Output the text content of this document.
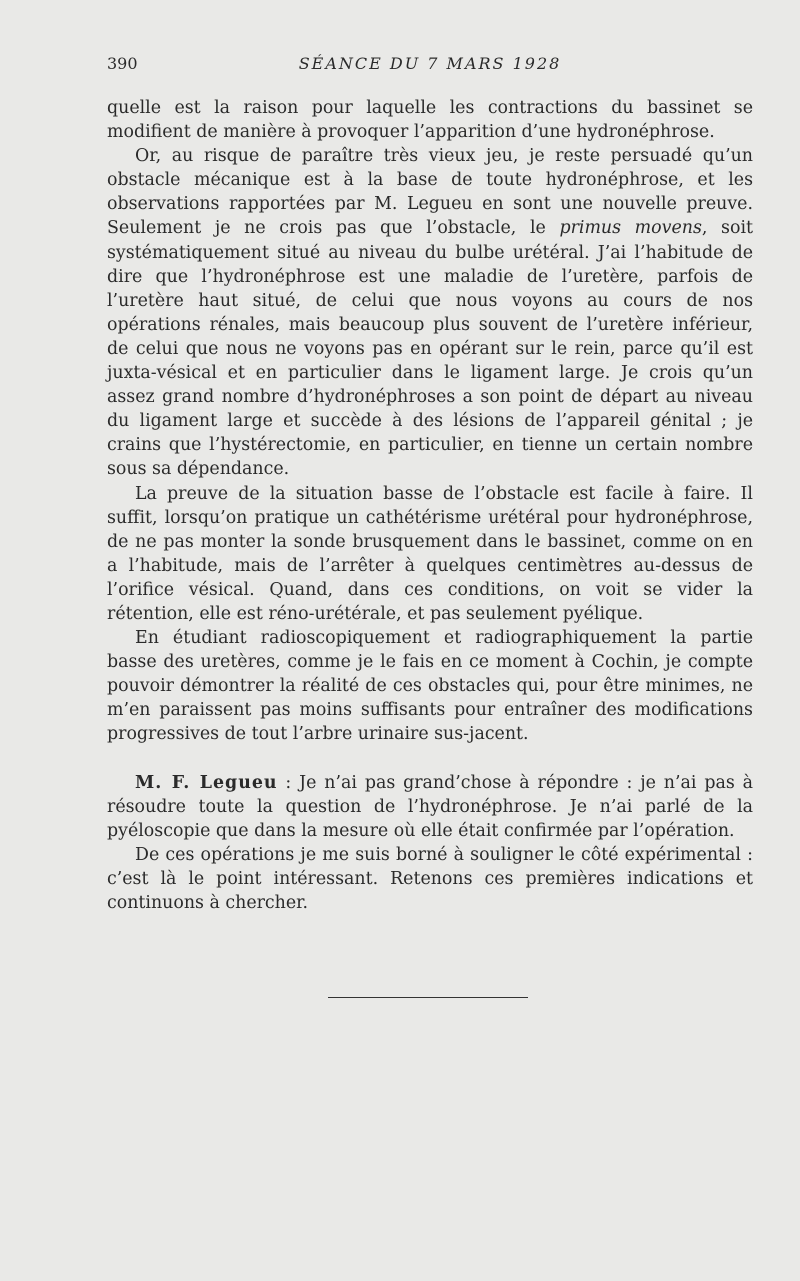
390	SÉANCE DU 7 MARS 1928

quelle est la raison pour laquelle les contractions du bassinet se modifient de manière à provoquer l’apparition d’une hydronéphrose.

Or, au risque de paraître très vieux jeu, je reste persuadé qu’un obstacle mécanique est à la base de toute hydronéphrose, et les observations rapportées par M. Legueu en sont une nouvelle preuve. Seulement je ne crois pas que l’obstacle, le primus movens, soit systématiquement situé au niveau du bulbe urétéral. J’ai l’habitude de dire que l’hydronéphrose est une maladie de l’uretère, parfois de l’uretère haut situé, de celui que nous voyons au cours de nos opérations rénales, mais beaucoup plus souvent de l’uretère inférieur, de celui que nous ne voyons pas en opérant sur le rein, parce qu’il est juxta-vésical et en particulier dans le ligament large. Je crois qu’un assez grand nombre d’hydronéphroses a son point de départ au niveau du ligament large et succède à des lésions de l’appareil génital ; je crains que l’hystérectomie, en particulier, en tienne un certain nombre sous sa dépendance.

La preuve de la situation basse de l’obstacle est facile à faire. Il suffit, lorsqu’on pratique un cathétérisme urétéral pour hydronéphrose, de ne pas monter la sonde brusquement dans le bassinet, comme on en a l’habitude, mais de l’arrêter à quelques centimètres au-dessus de l’orifice vésical. Quand, dans ces conditions, on voit se vider la rétention, elle est réno-urétérale, et pas seulement pyélique.

En étudiant radioscopiquement et radiographiquement la partie basse des uretères, comme je le fais en ce moment à Cochin, je compte pouvoir démontrer la réalité de ces obstacles qui, pour être minimes, ne m’en paraissent pas moins suffisants pour entraîner des modifications progressives de tout l’arbre urinaire sus-jacent.

M. F. Legueu : Je n’ai pas grand’chose à répondre : je n’ai pas à résoudre toute la question de l’hydronéphrose. Je n’ai parlé de la pyéloscopie que dans la mesure où elle était confirmée par l’opération.

De ces opérations je me suis borné à souligner le côté expérimental : c’est là le point intéressant. Retenons ces premières indications et continuons à chercher.
